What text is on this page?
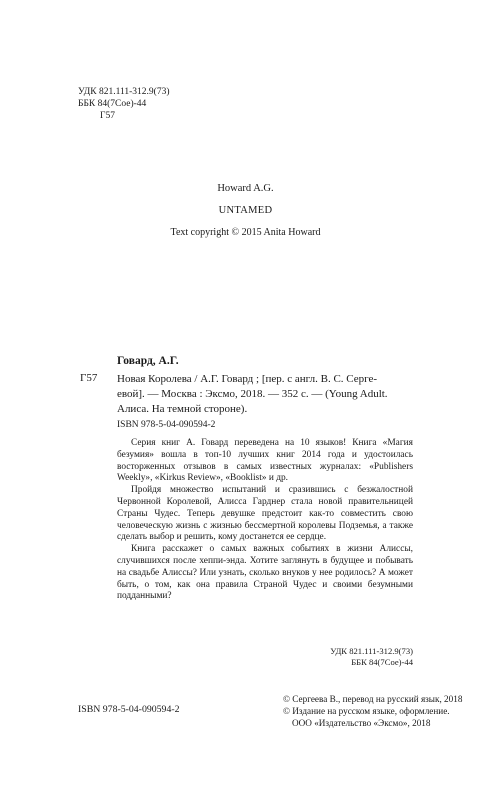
УДК 821.111-312.9(73)
ББК 84(7Сое)-44
Г57
Howard A.G.
UNTAMED
Text copyright © 2015 Anita Howard
Говард, А.Г.
Г57 Новая Королева / А.Г. Говард ; [пер. с англ. В. С. Серге-
евой]. — Москва : Эксмо, 2018. — 352 с. — (Young Adult.
Алиса. На темной стороне).
ISBN 978-5-04-090594-2

Серия книг А. Говард переведена на 10 языков! Книга «Магия безумия» вошла в топ-10 лучших книг 2014 года и удостоилась восторженных отзывов в самых известных журналах: «Publishers Weekly», «Kirkus Review», «Booklist» и др.

Пройдя множество испытаний и сразившись с безжалостной Червонной Королевой, Алисса Гарднер стала новой правительницей Страны Чудес. Теперь девушке предстоит как-то совместить свою человеческую жизнь с жизнью бессмертной королевы Подземья, а также сделать выбор и решить, кому достанется ее сердце.

Книга расскажет о самых важных событиях в жизни Алиссы, случившихся после хеппи-энда. Хотите заглянуть в будущее и побывать на свадьбе Алиссы? Или узнать, сколько внуков у нее родилось? А может быть, о том, как она правила Страной Чудес и своими безумными подданными?

УДК 821.111-312.9(73)
ББК 84(7Сое)-44
ISBN 978-5-04-090594-2
© Сергеева В., перевод на русский язык, 2018
© Издание на русском языке, оформление.
ООО «Издательство «Эксмо», 2018
